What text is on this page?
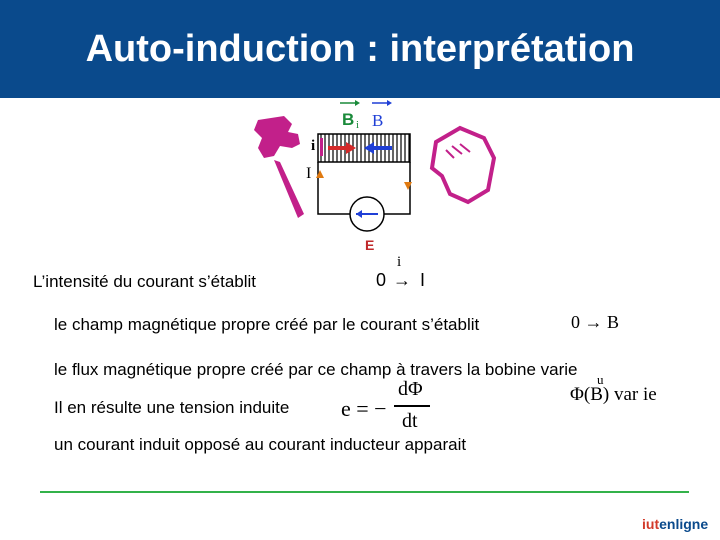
Auto-induction : interprétation
B i B
i
I
E
L’intensité du courant s’établit	0 → I
i
le champ magnétique propre créé par le courant s’établit	0 → B
le flux magnétique propre créé par ce champ à travers la bobine varie
u
Φ(B) var ie
Il en résulte une tension induite e = −
dΦ
dt
un courant induit opposé au courant inducteur apparait
iutenligne
